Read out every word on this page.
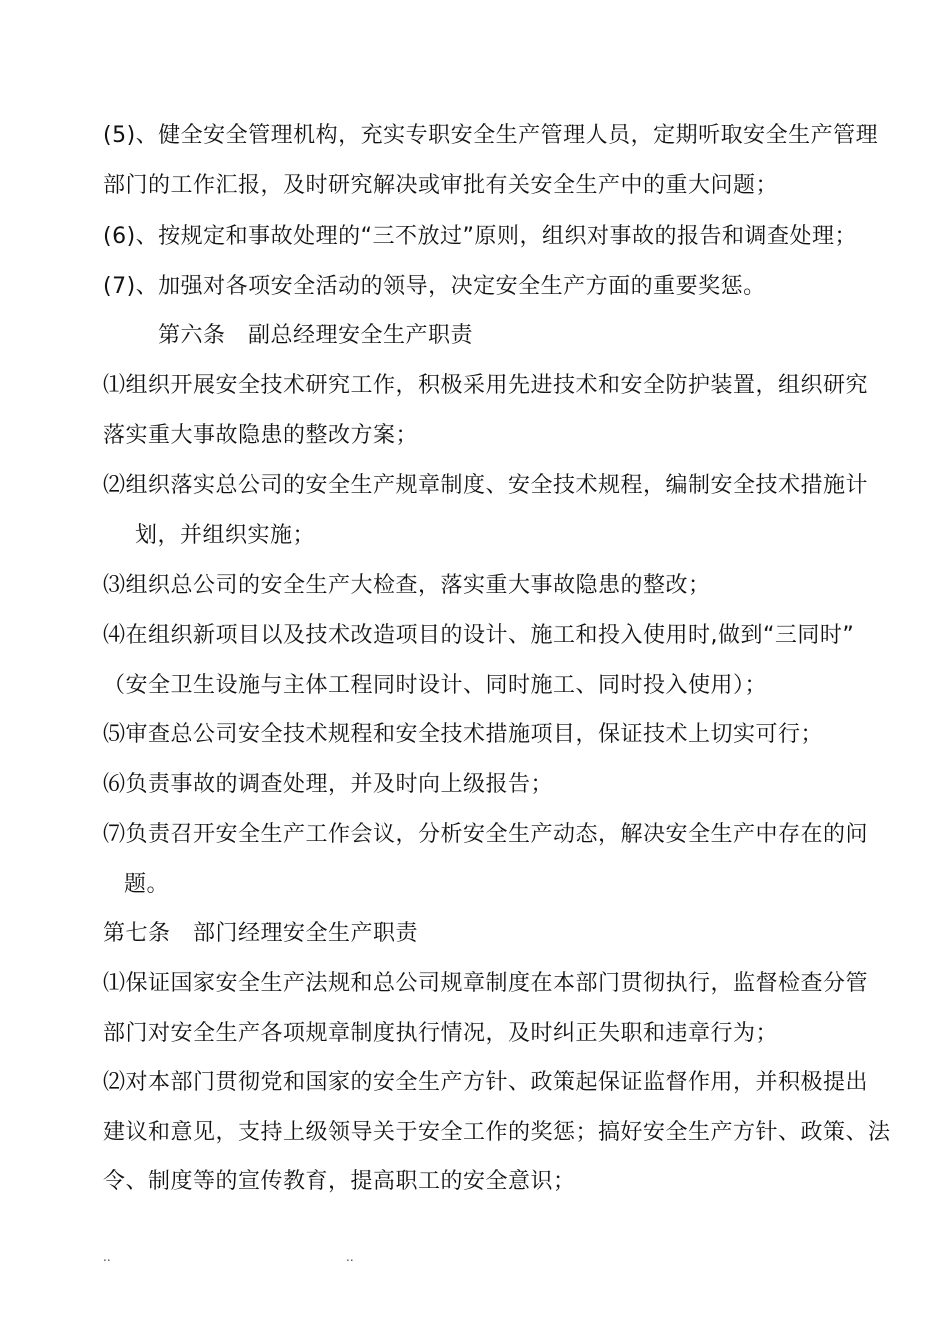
(5)、健全安全管理机构，充实专职安全生产管理人员，定期听取安全生产管理
部门的工作汇报，及时研究解决或审批有关安全生产中的重大问题；
(6)、按规定和事故处理的“三不放过”原则，组织对事故的报告和调查处理；
(7)、加强对各项安全活动的领导，决定安全生产方面的重要奖惩。
第六条　副总经理安全生产职责
⑴组织开展安全技术研究工作，积极采用先进技术和安全防护装置，组织研究
落实重大事故隐患的整改方案；
⑵组织落实总公司的安全生产规章制度、安全技术规程，编制安全技术措施计
划，并组织实施；
⑶组织总公司的安全生产大检查，落实重大事故隐患的整改；
⑷在组织新项目以及技术改造项目的设计、施工和投入使用时,做到“三同时”
（安全卫生设施与主体工程同时设计、同时施工、同时投入使用）；
⑸审查总公司安全技术规程和安全技术措施项目，保证技术上切实可行；
⑹负责事故的调查处理，并及时向上级报告；
⑺负责召开安全生产工作会议，分析安全生产动态，解决安全生产中存在的问
题。
第七条　部门经理安全生产职责
⑴保证国家安全生产法规和总公司规章制度在本部门贯彻执行，监督检查分管
部门对安全生产各项规章制度执行情况，及时纠正失职和违章行为；
⑵对本部门贯彻党和国家的安全生产方针、政策起保证监督作用，并积极提出
建议和意见，支持上级领导关于安全工作的奖惩；搞好安全生产方针、政策、法
令、制度等的宣传教育，提高职工的安全意识；
..	..
